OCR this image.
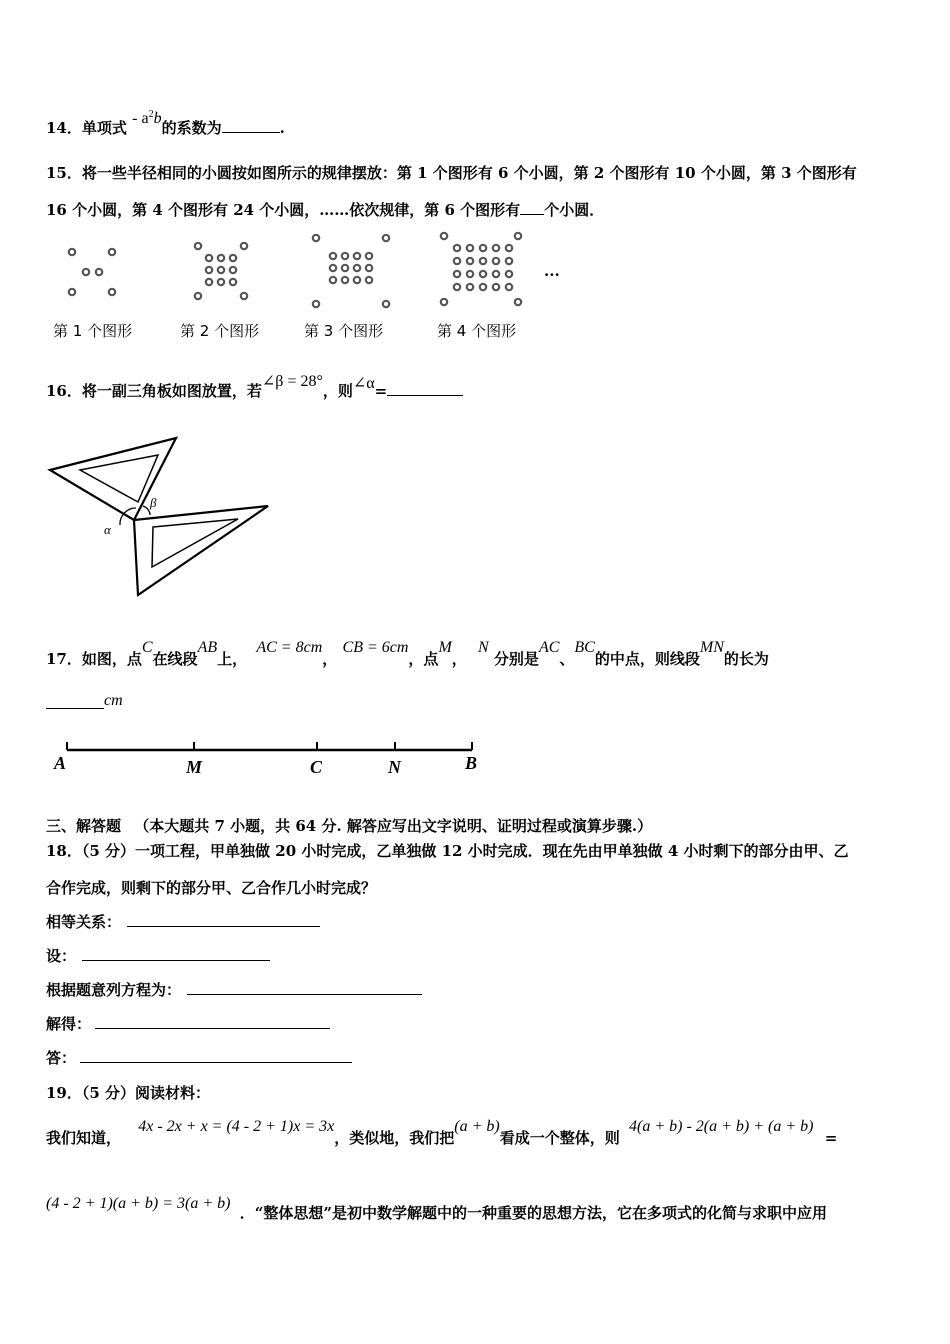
14．单项式 - $a^2b$的系数为	.
15．将一些半径相同的小圆按如图所示的规律摆放：第 1 个图形有 6 个小圆，第 2 个图形有 10 个小圆，第 3 个图形有
16 个小圆，第 4 个图形有 24 个小圆，……依次规律，第 6 个图形有 个小圆．
第 1 个图形	第 2 个图形	第 3 个图形	第 4 个图形
...
16．将一副三角板如图放置，若∠β = 28°，则∠α=
β
α
17．如图，点C在线段AB上， AC = 8cm， CB = 6cm，点M， N 分别是AC、BC的中点，则线段MN的长为
cm
A	M	C	N	B
三、解答题 （本大题共 7 小题，共 64 分. 解答应写出文字说明、证明过程或演算步骤.）
18．（5 分）一项工程，甲单独做 20 小时完成，乙单独做 12 小时完成．现在先由甲单独做 4 小时剩下的部分由甲、乙
合作完成，则剩下的部分甲、乙合作几小时完成？
相等关系：
设：
根据题意列方程为：
解得：
答：
19．（5 分）阅读材料：
我们知道， 4x - 2x + x = (4 - 2 + 1)x = 3x，类似地，我们把(a + b)看成一个整体，则 4(a + b) - 2(a + b) + (a + b) =
(4 - 2 + 1)(a + b) = 3(a + b) ．“整体思想”是初中数学解题中的一种重要的思想方法，它在多项式的化简与求职中应用
